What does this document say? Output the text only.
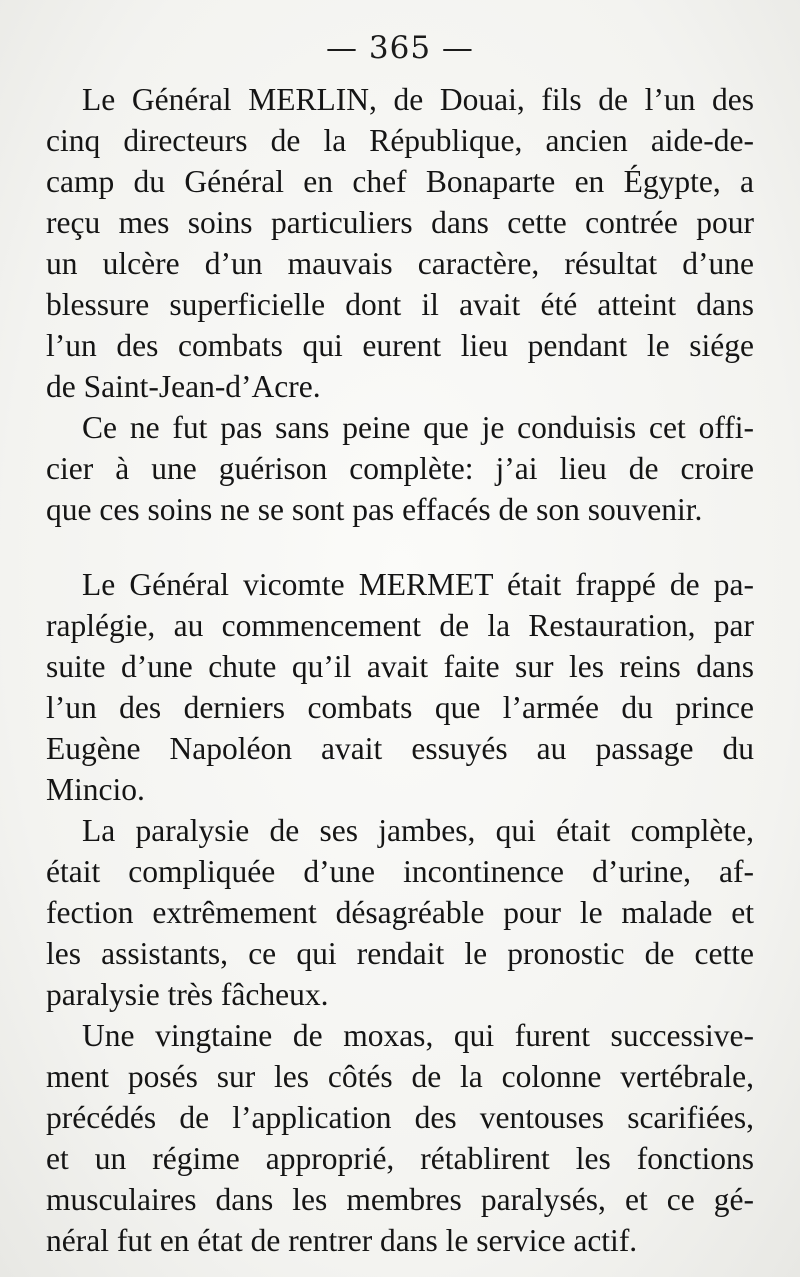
— 365 —
Le Général MERLIN, de Douai, fils de l’un des
cinq directeurs de la République, ancien aide-de-
camp du Général en chef Bonaparte en Égypte, a
reçu mes soins particuliers dans cette contrée pour
un ulcère d’un mauvais caractère, résultat d’une
blessure superficielle dont il avait été atteint dans
l’un des combats qui eurent lieu pendant le siége
de Saint-Jean-d’Acre.
Ce ne fut pas sans peine que je conduisis cet offi-
cier à une guérison complète: j’ai lieu de croire
que ces soins ne se sont pas effacés de son souvenir.
Le Général vicomte MERMET était frappé de pa-
raplégie, au commencement de la Restauration, par
suite d’une chute qu’il avait faite sur les reins dans
l’un des derniers combats que l’armée du prince
Eugène Napoléon avait essuyés au passage du
Mincio.
La paralysie de ses jambes, qui était complète,
était compliquée d’une incontinence d’urine, af-
fection extrêmement désagréable pour le malade et
les assistants, ce qui rendait le pronostic de cette
paralysie très fâcheux.
Une vingtaine de moxas, qui furent successive-
ment posés sur les côtés de la colonne vertébrale,
précédés de l’application des ventouses scarifiées,
et un régime approprié, rétablirent les fonctions
musculaires dans les membres paralysés, et ce gé-
néral fut en état de rentrer dans le service actif.
